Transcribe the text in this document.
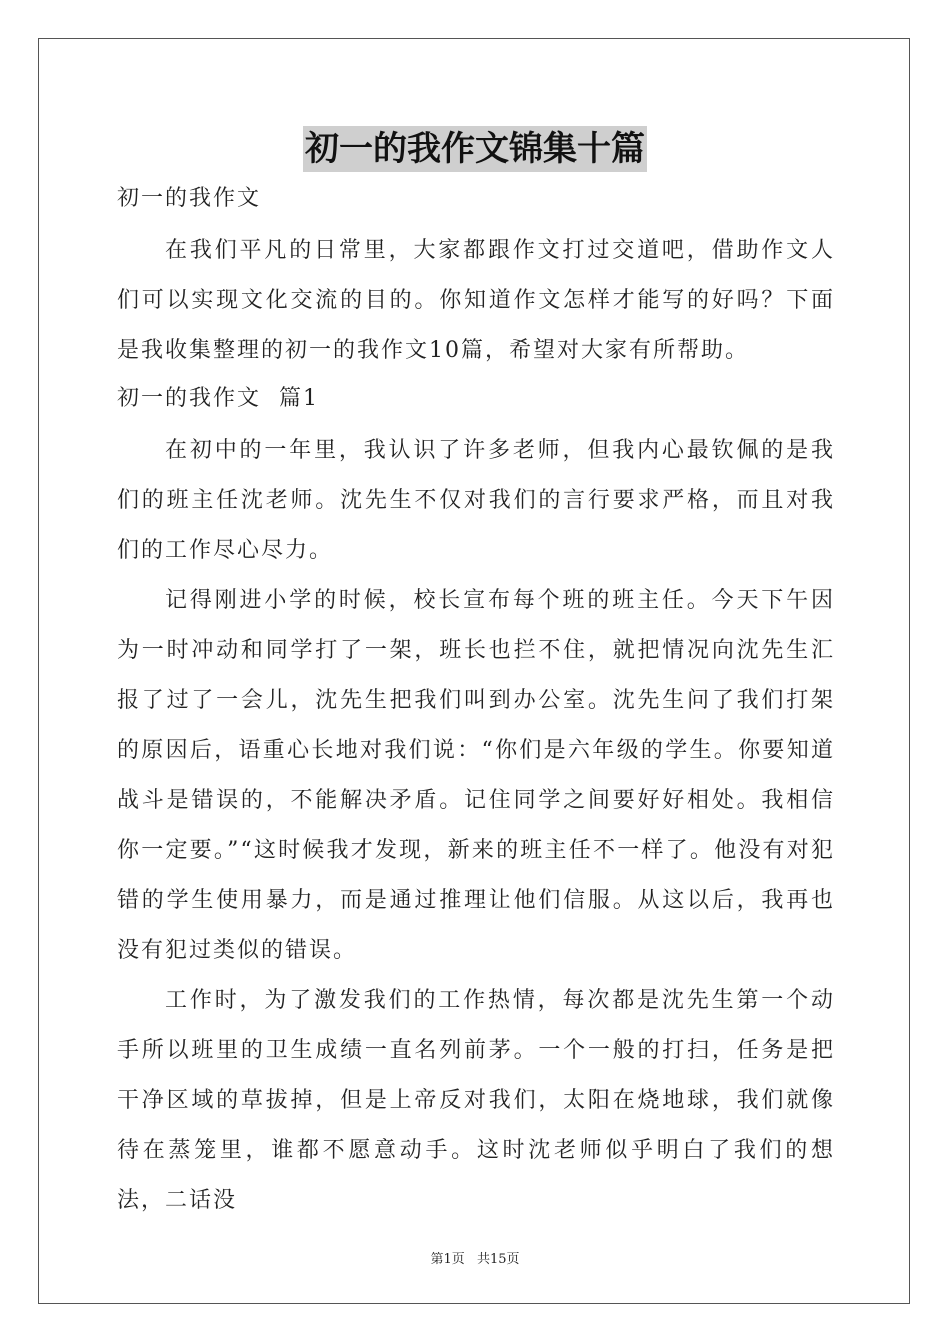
初一的我作文锦集十篇

初一的我作文

在我们平凡的日常里，大家都跟作文打过交道吧，借助作文人们可以实现文化交流的目的。你知道作文怎样才能写的好吗？下面是我收集整理的初一的我作文10篇，希望对大家有所帮助。

初一的我作文  篇1

在初中的一年里，我认识了许多老师，但我内心最钦佩的是我们的班主任沈老师。沈先生不仅对我们的言行要求严格，而且对我们的工作尽心尽力。

记得刚进小学的时候，校长宣布每个班的班主任。今天下午因为一时冲动和同学打了一架，班长也拦不住，就把情况向沈先生汇报了过了一会儿，沈先生把我们叫到办公室。沈先生问了我们打架的原因后，语重心长地对我们说：“你们是六年级的学生。你要知道战斗是错误的，不能解决矛盾。记住同学之间要好好相处。我相信你一定要。”“这时候我才发现，新来的班主任不一样了。他没有对犯错的学生使用暴力，而是通过推理让他们信服。从这以后，我再也没有犯过类似的错误。

工作时，为了激发我们的工作热情，每次都是沈先生第一个动手所以班里的卫生成绩一直名列前茅。一个一般的打扫，任务是把干净区域的草拔掉，但是上帝反对我们，太阳在烧地球，我们就像待在蒸笼里，谁都不愿意动手。这时沈老师似乎明白了我们的想法，二话没

第1页 共15页
